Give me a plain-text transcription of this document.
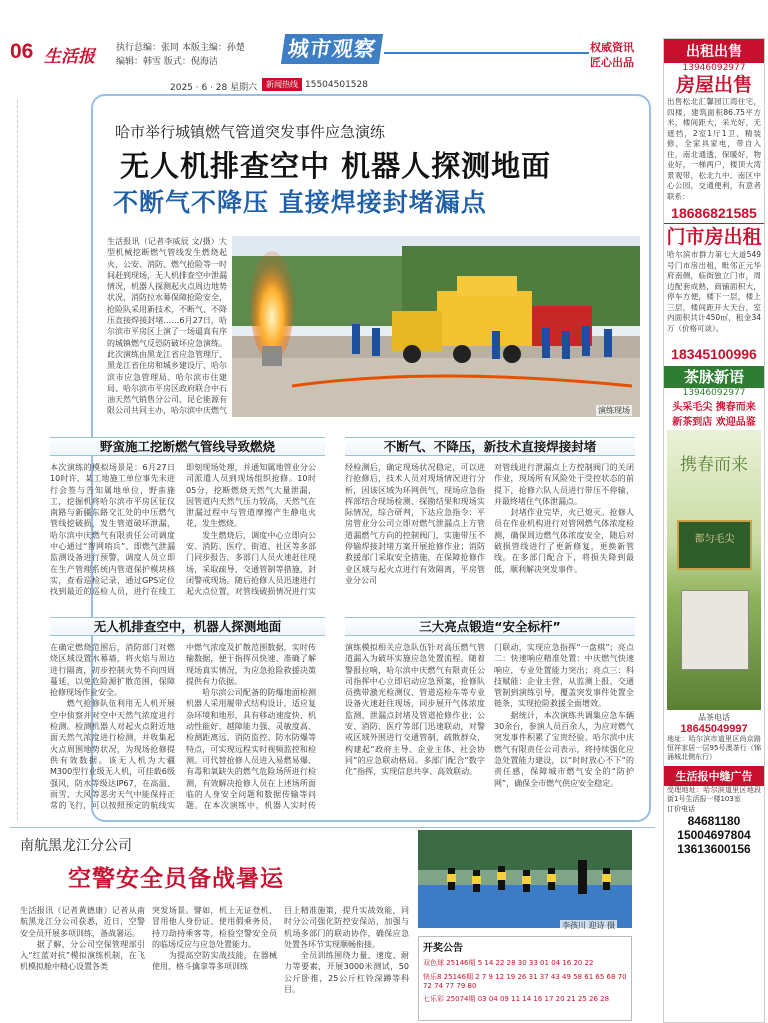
06 生活报 执行总编：张同 本版主编：孙楚
编辑：韩雪 版式：倪海洁
城市观察	权威资讯
匠心出品
2025 · 6 · 28 星期六	新闻热线 15504501528
哈市举行城镇燃气管道突发事件应急演练
无人机排查空中 机器人探测地面
不断气不降压 直接焊接封堵漏点
生活报讯（记者李威辰 文/摄）大型机械挖断燃气管线发生燃烧起火，公安、消防、燃气抢险等一时间赶到现场，无人机排查空中泄漏情况，机器人探测起火点周边地势状况，消防拉水幕保障抢险安全，抢险队采用新技术，不断气、不降压直接焊接封堵……6月27日，哈尔滨市平房区上演了一场逼真有序的城镇燃气反恐防破坏应急演练。此次演练由黑龙江省应急管理厅、黑龙江省住房和城乡建设厅、哈尔滨市应急管理局、哈尔滨市住建局、哈尔滨市平房区政府联合中石油天然气销售分公司、昆仑能源有限公司共同主办，哈尔滨中庆燃气	演练现场
野蛮施工挖断燃气管线导致燃烧
本次演练的模拟场景是：6月27日10时许，某工地施工单位事先未进行会签与告知属地单位，野蛮施工，挖掘机将哈尔滨市平房区征仪南路与新疆东路交汇处的中压燃气管线挖破损，发生管道破坏泄漏，哈尔滨中庆燃气有限责任公司调度中心通过“智网哨兵”、即燃气泄漏监测设备进行预警，调度人员立即在生产管理系统内管道保护模块核实，查看巡检记录，通过GPS定位找到最近的巡检人员，进行在线工
即刻现场处理，并通知属地管业分公司派遣人员到现场组织抢修。10时05分，挖断燃烧天然气大量泄漏，因管道内天然气压力较高，天然气在泄漏过程中与管道摩擦产生静电火花，发生燃烧。
　　发生燃烧后，调度中心立即向公安、消防、医疗、街道、社区等多部门同步报告，多部门人员火速赶往现场，采取疏导、交通管制等措施，封闭警戒现场。随后抢修人员迅速进行起火点位置，对管线破损情况进行实
不断气、不降压，新技术直接焊接封堵
经检测后，确定现场状况稳定，可以进行抢修后，技术人员对现场情况进行分析，因该区域为环网供气，现场应急指挥部结合现场检测、探勘结果和现场实际情况，综合研判，下达应急指令：平房管业分公司立即对燃气泄漏点上方管道漏燃气方向的控制阀门，实施带压不停输焊接封堵方案开展抢修作业；消防救援部门采取安全措施，在保障抢修作业区域与起火点进行有效隔离，平房管业分公司
对管线进行泄漏点上方控制阀门的关闭作业，现场所有风险处于受控状态的前提下，抢修六队人员进行带压不停输，并最终堵住气体泄漏点。
　　封堵作业完毕，火已熄灭。抢修人员在作业机构进行对管网燃气体浓度检测，确保周边燃气体浓度安全，随后对破损管线进行了更新修复，更换新管线。在多部门配合下，将损失降到最低，顺利解决突发事件。
无人机排查空中，机器人探测地面
在确定燃烧范围后，消防部门对燃烧区域设置水幕墙，将火焰与周边进行隔离，初步控制火势不向四周蔓延，以免危险源扩散范围，保障抢修现场作业安全。
　　燃气抢修队伍利用无人机开展空中侦察并对空中天然气浓度进行检测。检测机器人对起火点附近地面天然气浓度进行检测，并收集起火点周围地势状况，为现场抢修提供有效数据。该无人机为大疆M300型行业级无人机，可挂载6级强风，防水等级达IP67，在高温、雨雪、大风等恶劣天气中能保持正常的飞行，可以按照预定的航线实
中燃气浓度及扩散范围数据，实时传输数据，便于指挥员快速、准确了解现场真实情况，为应急抢险救援决策提供有力依据。
　　哈尔滨公司配备的防爆地面检测机器人采用履带式结构设计，适应复杂环境和地形，具有移动速度快、机动性能好、越障能力强、灵敏度高、检测距离远、消防监控、防水防爆等特点，可实现远程实时视频监控和检测。可代替抢修人员进入易燃易爆、有毒和氧缺失的燃气危险场所进行检测，有效解决抢修人员在上述场所面临的人身安全问题和数据传输等问题。在本次演练中，机器人实时传
三大亮点锻造“安全标杆”
演练模拟相关应急队伍针对高压燃气管道漏入为破坏实施应急处置流程。随着警报拉响，哈尔滨中庆燃气有限责任公司指挥中心立即启动应急预案，抢修队员携带激光检测仪、管道巡检车等专业设备火速赶往现场，同步展开气体浓度监测、泄漏点封堵及管道抢修作业；公安、消防、医疗等部门迅速联动，对警戒区域外围进行交通管制、疏散群众，构建起“政府主导、企业主体、社会协同”的应急联动格局。多部门配合“数字化”指挥，实现信息共享、高效联动。
门联动，实现应急指挥“一盘棋”；亮点二：快速响应精准处置：中庆燃气快速响应，专业处置能力突出；亮点三：科技赋能：企业主营，从监测上报、交通管制到演练引导，覆盖突发事件处置全链条，实现抢险救援全面增效。
　　据统计，本次演练共调集应急车辆30余台，参演人员百余人，为应对燃气突发事件积累了宝贵经验。哈尔滨中庆燃气有限责任公司表示，将持续强化应急处置能力建设，以“时时放心不下”的责任感，保障城市燃气安全的“防护网”，确保全市燃气供应安全稳定。
南航黑龙江分公司
空警安全员备战暑运
生活报讯（记者黄德康）记者从南航黑龙江分公司获悉，近日，空警安全员开展多项训练，备战暑运。
　　据了解，分公司空保管理部引入“红蓝对抗”模拟演练机制，在飞机模拟舱中精心设置各类
突发场景。譬如，机上无证登机、冒用他人身份证、使用假乘务员，持刀劫持乘客等，检验空警安全员的临场反应与应急处置能力。
　　为提高空防实战技能，在器械使用、格斗擒拿等多项训练
目上精准施策，提升实战效能，同时分公司强化防控安保站，加强与机场多部门的联动协作，确保应急处置各环节实现顺畅衔接。
　　全员训练围绕力量、速度、耐力等要素，开展3000米测试，50公斤卧推，25公斤杠铃深蹲等科目。
李孩川 迎诗 摄
开奖公告
双色球 25146期 5 14 22 28 30 33 01 04 16 20 22
快乐8 25146期 2 7 9 12 19 26 31 37 43 49 58 61 65 68 70 72 74 77 79 80
七乐彩 25074期 03 04 09 11 14 16 17 20 21 25 26 28
出租出售
13946092977
房屋出售
出售松北汇馨园江湾住宅，四楼，建筑面积86.75平方米，楼间距大，采光好，无遮挡，2室1厅1卫，精装修，全家具家电，带自入住，南北通透，保暖好，物业好，一梯两户，楼顶大湾景观带，松北九中、南区中心公园，交通便利，有意者联系：
18686821585
门市房出租
哈尔滨市群力第七大道549号门市房出租，毗邻正元华府南侧，临街独立门市，周边配套成熟，商铺面积大，停车方便，楼下一层，楼上三层，楼间距开大天台，室内面积共计450㎡，租金34万（价格可谈）。
18345100996
茶脉新语
13946092977
头采毛尖 携春而来
新茶到店 欢迎品鉴
携春而来
都匀毛尖
品茶电话
18645049997
地址：哈尔滨市道里区尚京路恒祥家居一层95号澳茶行（锦涌城北侧东行）
生活报中缝广告
受理地址：哈尔滨道里区地段街1号生活报一楼103室
订价电话
84681180
15004697804
13613600156
